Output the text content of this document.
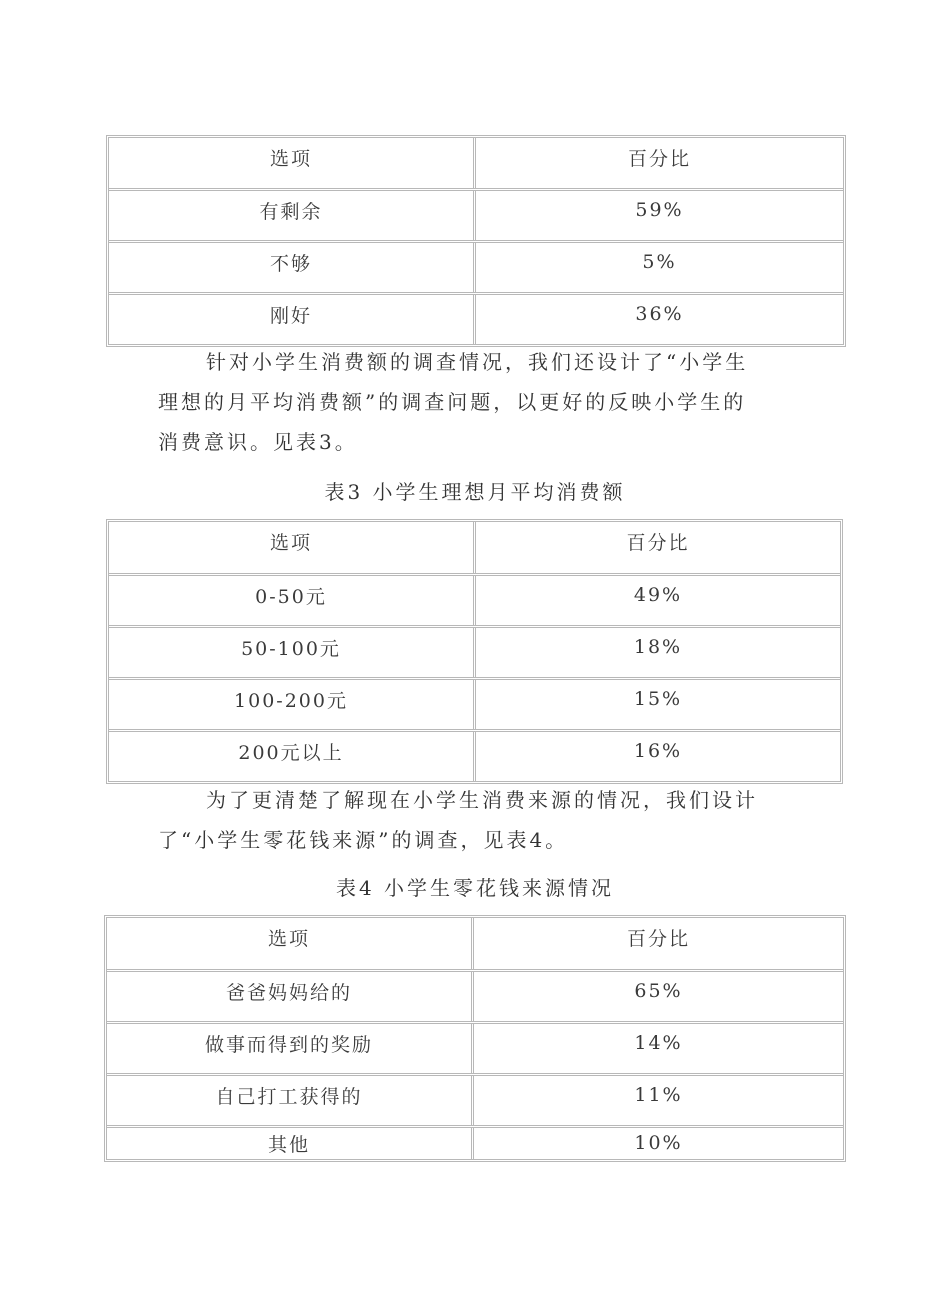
选项	百分比
有剩余	59%
不够	5%
刚好	36%

针对小学生消费额的调查情况，我们还设计了“小学生
理想的月平均消费额”的调查问题，以更好的反映小学生的
消费意识。见表3。

表3 小学生理想月平均消费额
选项	百分比
0-50元	49%
50-100元	18%
100-200元	15%
200元以上	16%

为了更清楚了解现在小学生消费来源的情况，我们设计
了“小学生零花钱来源”的调查，见表4。

表4 小学生零花钱来源情况
选项	百分比
爸爸妈妈给的	65%
做事而得到的奖励	14%
自己打工获得的	11%
其他	10%
